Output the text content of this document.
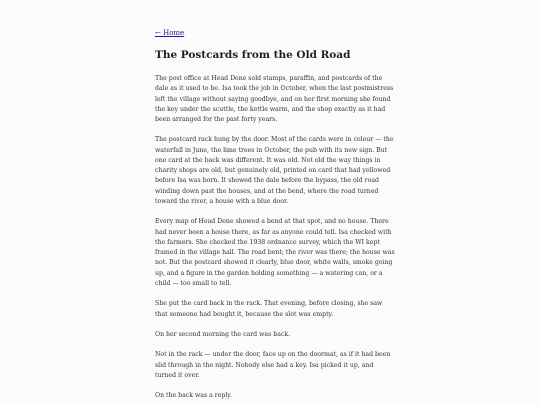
← Home
The Postcards from the Old Road

The post office at Head Dene sold stamps, paraffin, and postcards of the dale as it used to be. Isa took the job in October, when the last postmistress left the village without saying goodbye, and on her first morning she found the key under the scuttle, the kettle warm, and the shop exactly as it had been arranged for the past forty years.

The postcard rack hung by the door. Most of the cards were in colour — the waterfall in June, the lime trees in October, the pub with its new sign. But one card at the back was different. It was old. Not old the way things in charity shops are old, but genuinely old, printed on card that had yellowed before Isa was born. It showed the dale before the bypass, the old road winding down past the houses, and at the bend, where the road turned toward the river, a house with a blue door.

Every map of Head Dene showed a bend at that spot, and no house. There had never been a house there, as far as anyone could tell. Isa checked with the farmers. She checked the 1938 ordnance survey, which the WI kept framed in the village hall. The road bent; the river was there; the house was not. But the postcard showed it clearly, blue door, white walls, smoke going up, and a figure in the garden holding something — a watering can, or a child — too small to tell.

She put the card back in the rack. That evening, before closing, she saw that someone had bought it, because the slot was empty.

On her second morning the card was back.

Not in the rack — under the door, face up on the doormat, as if it had been slid through in the night. Nobody else had a key. Isa picked it up, and turned it over.

On the back was a reply.
